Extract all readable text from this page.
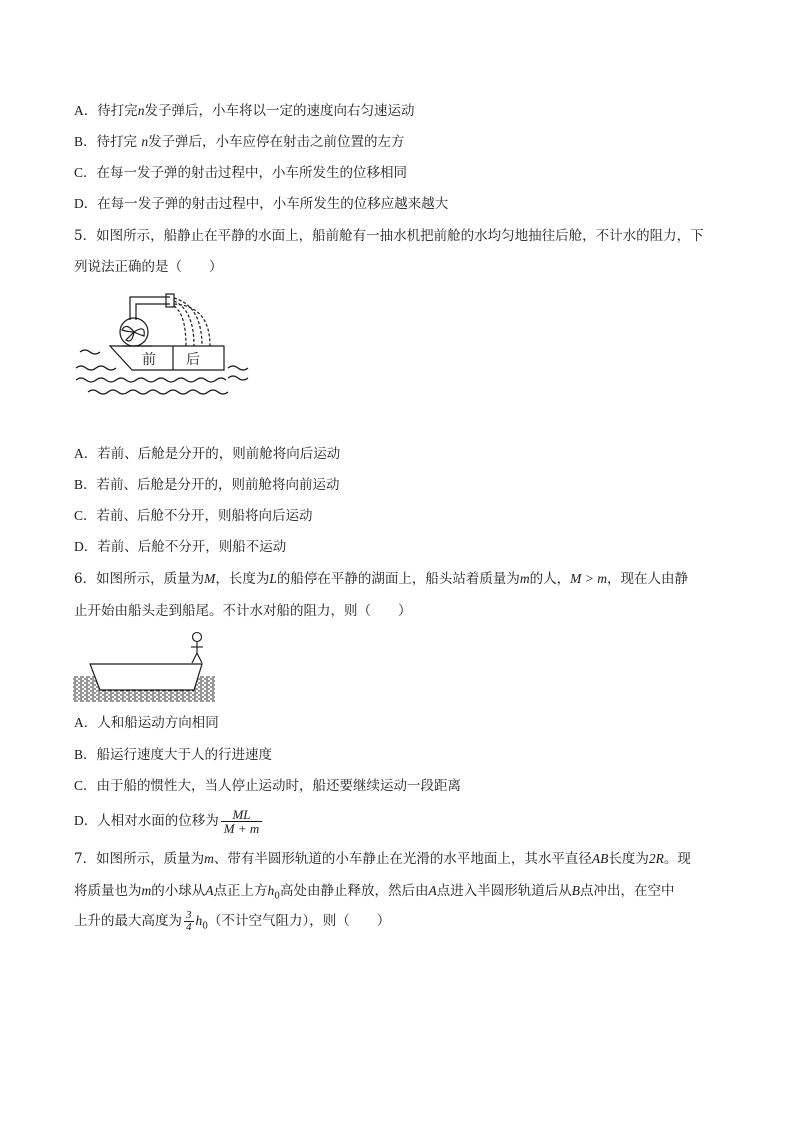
A．待打完n发子弹后，小车将以一定的速度向右匀速运动
B．待打完 n发子弹后，小车应停在射击之前位置的左方
C．在每一发子弹的射击过程中，小车所发生的位移相同
D．在每一发子弹的射击过程中，小车所发生的位移应越来越大
5．如图所示，船静止在平静的水面上，船前舱有一抽水机把前舱的水均匀地抽往后舱，不计水的阻力，下
列说法正确的是（　　）
前 后
A．若前、后舱是分开的，则前舱将向后运动
B．若前、后舱是分开的，则前舱将向前运动
C．若前、后舱不分开，则船将向后运动
D．若前、后舱不分开，则船不运动
6．如图所示，质量为M，长度为L的船停在平静的湖面上，船头站着质量为m的人，M > m，现在人由静
止开始由船头走到船尾。不计水对船的阻力，则（　　）
A．人和船运动方向相同
B．船运行速度大于人的行进速度
C．由于船的惯性大，当人停止运动时，船还要继续运动一段距离
D．人相对水面的位移为 $\frac{ML}{M + m}$
7．如图所示，质量为m、带有半圆形轨道的小车静止在光滑的水平地面上，其水平直径AB长度为2R。现
将质量也为m的小球从A点正上方$h_0$高处由静止释放，然后由A点进入半圆形轨道后从B点冲出，在空中
上升的最大高度为 $\frac{3}{4} h_0$（不计空气阻力），则（　　）
